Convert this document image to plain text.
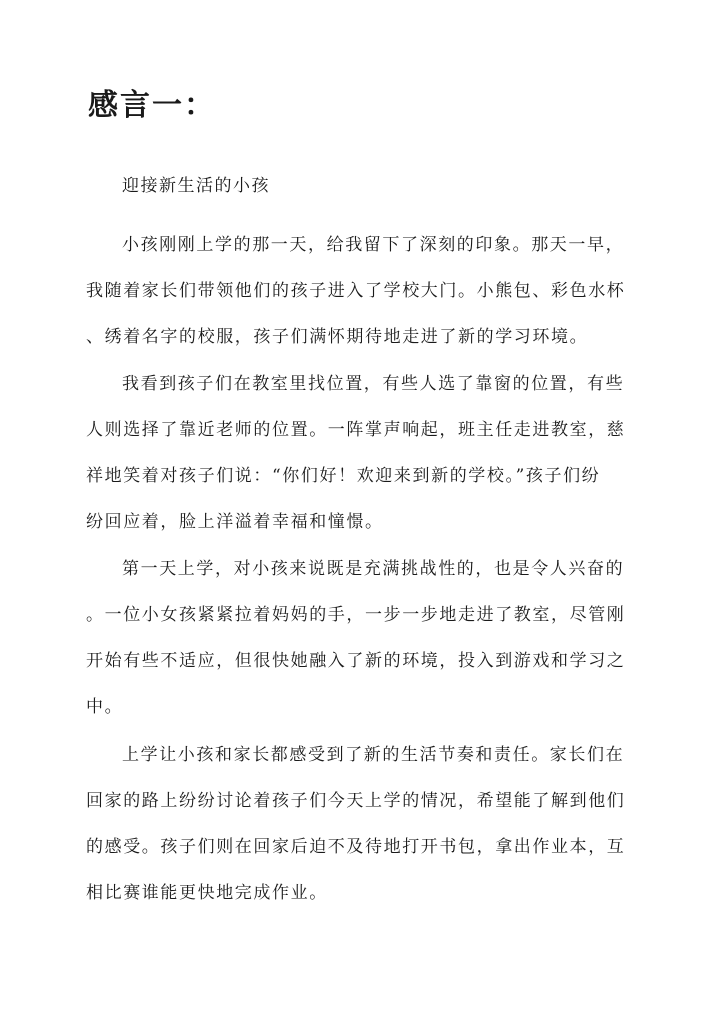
感言一：

迎接新生活的小孩

小孩刚刚上学的那一天，给我留下了深刻的印象。那天一早，
我随着家长们带领他们的孩子进入了学校大门。小熊包、彩色水杯
、绣着名字的校服，孩子们满怀期待地走进了新的学习环境。
我看到孩子们在教室里找位置，有些人选了靠窗的位置，有些
人则选择了靠近老师的位置。一阵掌声响起，班主任走进教室，慈
祥地笑着对孩子们说：“你们好！欢迎来到新的学校。”孩子们纷
纷回应着，脸上洋溢着幸福和憧憬。
第一天上学，对小孩来说既是充满挑战性的，也是令人兴奋的
。一位小女孩紧紧拉着妈妈的手，一步一步地走进了教室，尽管刚
开始有些不适应，但很快她融入了新的环境，投入到游戏和学习之
中。
上学让小孩和家长都感受到了新的生活节奏和责任。家长们在
回家的路上纷纷讨论着孩子们今天上学的情况，希望能了解到他们
的感受。孩子们则在回家后迫不及待地打开书包，拿出作业本，互
相比赛谁能更快地完成作业。
